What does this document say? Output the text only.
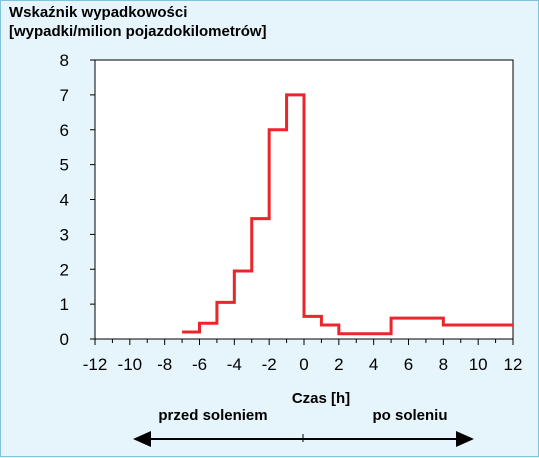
Wskaźnik wypadkowości
[wypadki/milion pojazdokilometrów]
-12 -10 -8 -6 -4 -2 0 2 4 6 8 10 12
0
1
2
3
4
5
6
7
8
Czas [h]
przed soleniem	po soleniu
